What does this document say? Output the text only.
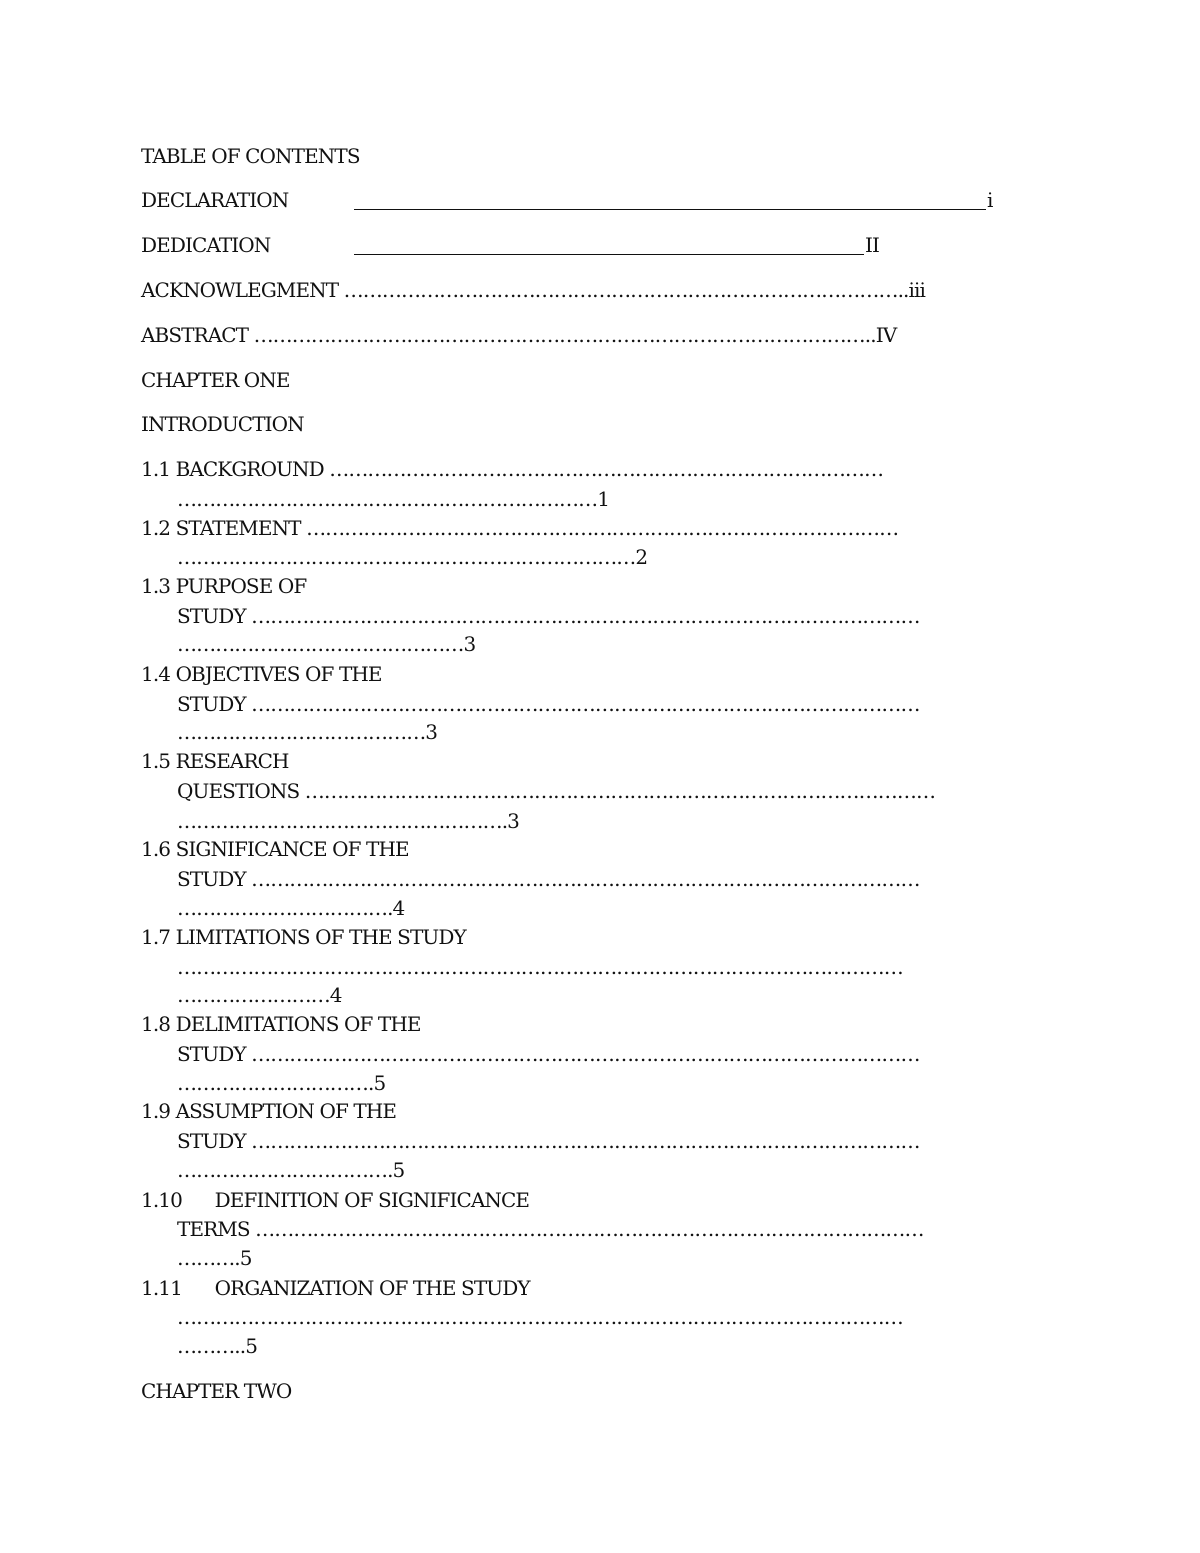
TABLE OF CONTENTS

DECLARATION	i

DEDICATION	II

ACKNOWLEGMENT ……………………………………………………………………………..iii

ABSTRACT ……………………………………………………………………………………..IV

CHAPTER ONE

INTRODUCTION

1.1 BACKGROUND ……………………………………………………………………………

…………………………………………………………1

1.2 STATEMENT …………………………………………………………………………………

………………………………………………………………2

1.3 PURPOSE OF

STUDY ……………………………………………………………………………………………

………………………………………3

1.4 OBJECTIVES OF THE

STUDY ……………………………………………………………………………………………

…………………………………3

1.5 RESEARCH

QUESTIONS ………………………………………………………………………………………

…………………………………………….3

1.6 SIGNIFICANCE OF THE

STUDY ……………………………………………………………………………………………

…………………………….4

1.7 LIMITATIONS OF THE STUDY

……………………………………………………………………………………………………

……………………4

1.8 DELIMITATIONS OF THE

STUDY ……………………………………………………………………………………………

………………………….5

1.9 ASSUMPTION OF THE

STUDY ……………………………………………………………………………………………

…………………………….5

1.10      DEFINITION OF SIGNIFICANCE

TERMS ……………………………………………………………………………………………

……….5

1.11      ORGANIZATION OF THE STUDY

……………………………………………………………………………………………………

………..5

CHAPTER TWO
